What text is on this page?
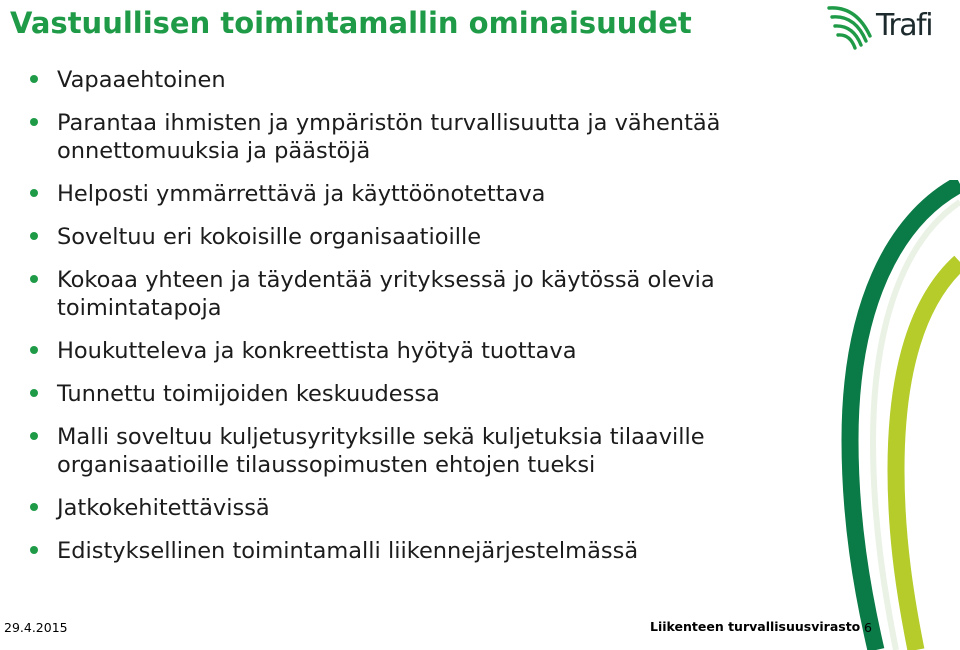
Vastuullisen toimintamallin ominaisuudet	Trafi
Vapaaehtoinen
Parantaa ihmisten ja ympäristön turvallisuutta ja vähentää onnettomuuksia ja päästöjä
Helposti ymmärrettävä ja käyttöönotettava
Soveltuu eri kokoisille organisaatioille
Kokoaa yhteen ja täydentää yrityksessä jo käytössä olevia toimintatapoja
Houkutteleva ja konkreettista hyötyä tuottava
Tunnettu toimijoiden keskuudessa
Malli soveltuu kuljetusyrityksille sekä kuljetuksia tilaaville organisaatioille tilaussopimusten ehtojen tueksi
Jatkokehitettävissä
Edistyksellinen toimintamalli liikennejärjestelmässä
29.4.2015	Liikenteen turvallisuusvirasto 6
